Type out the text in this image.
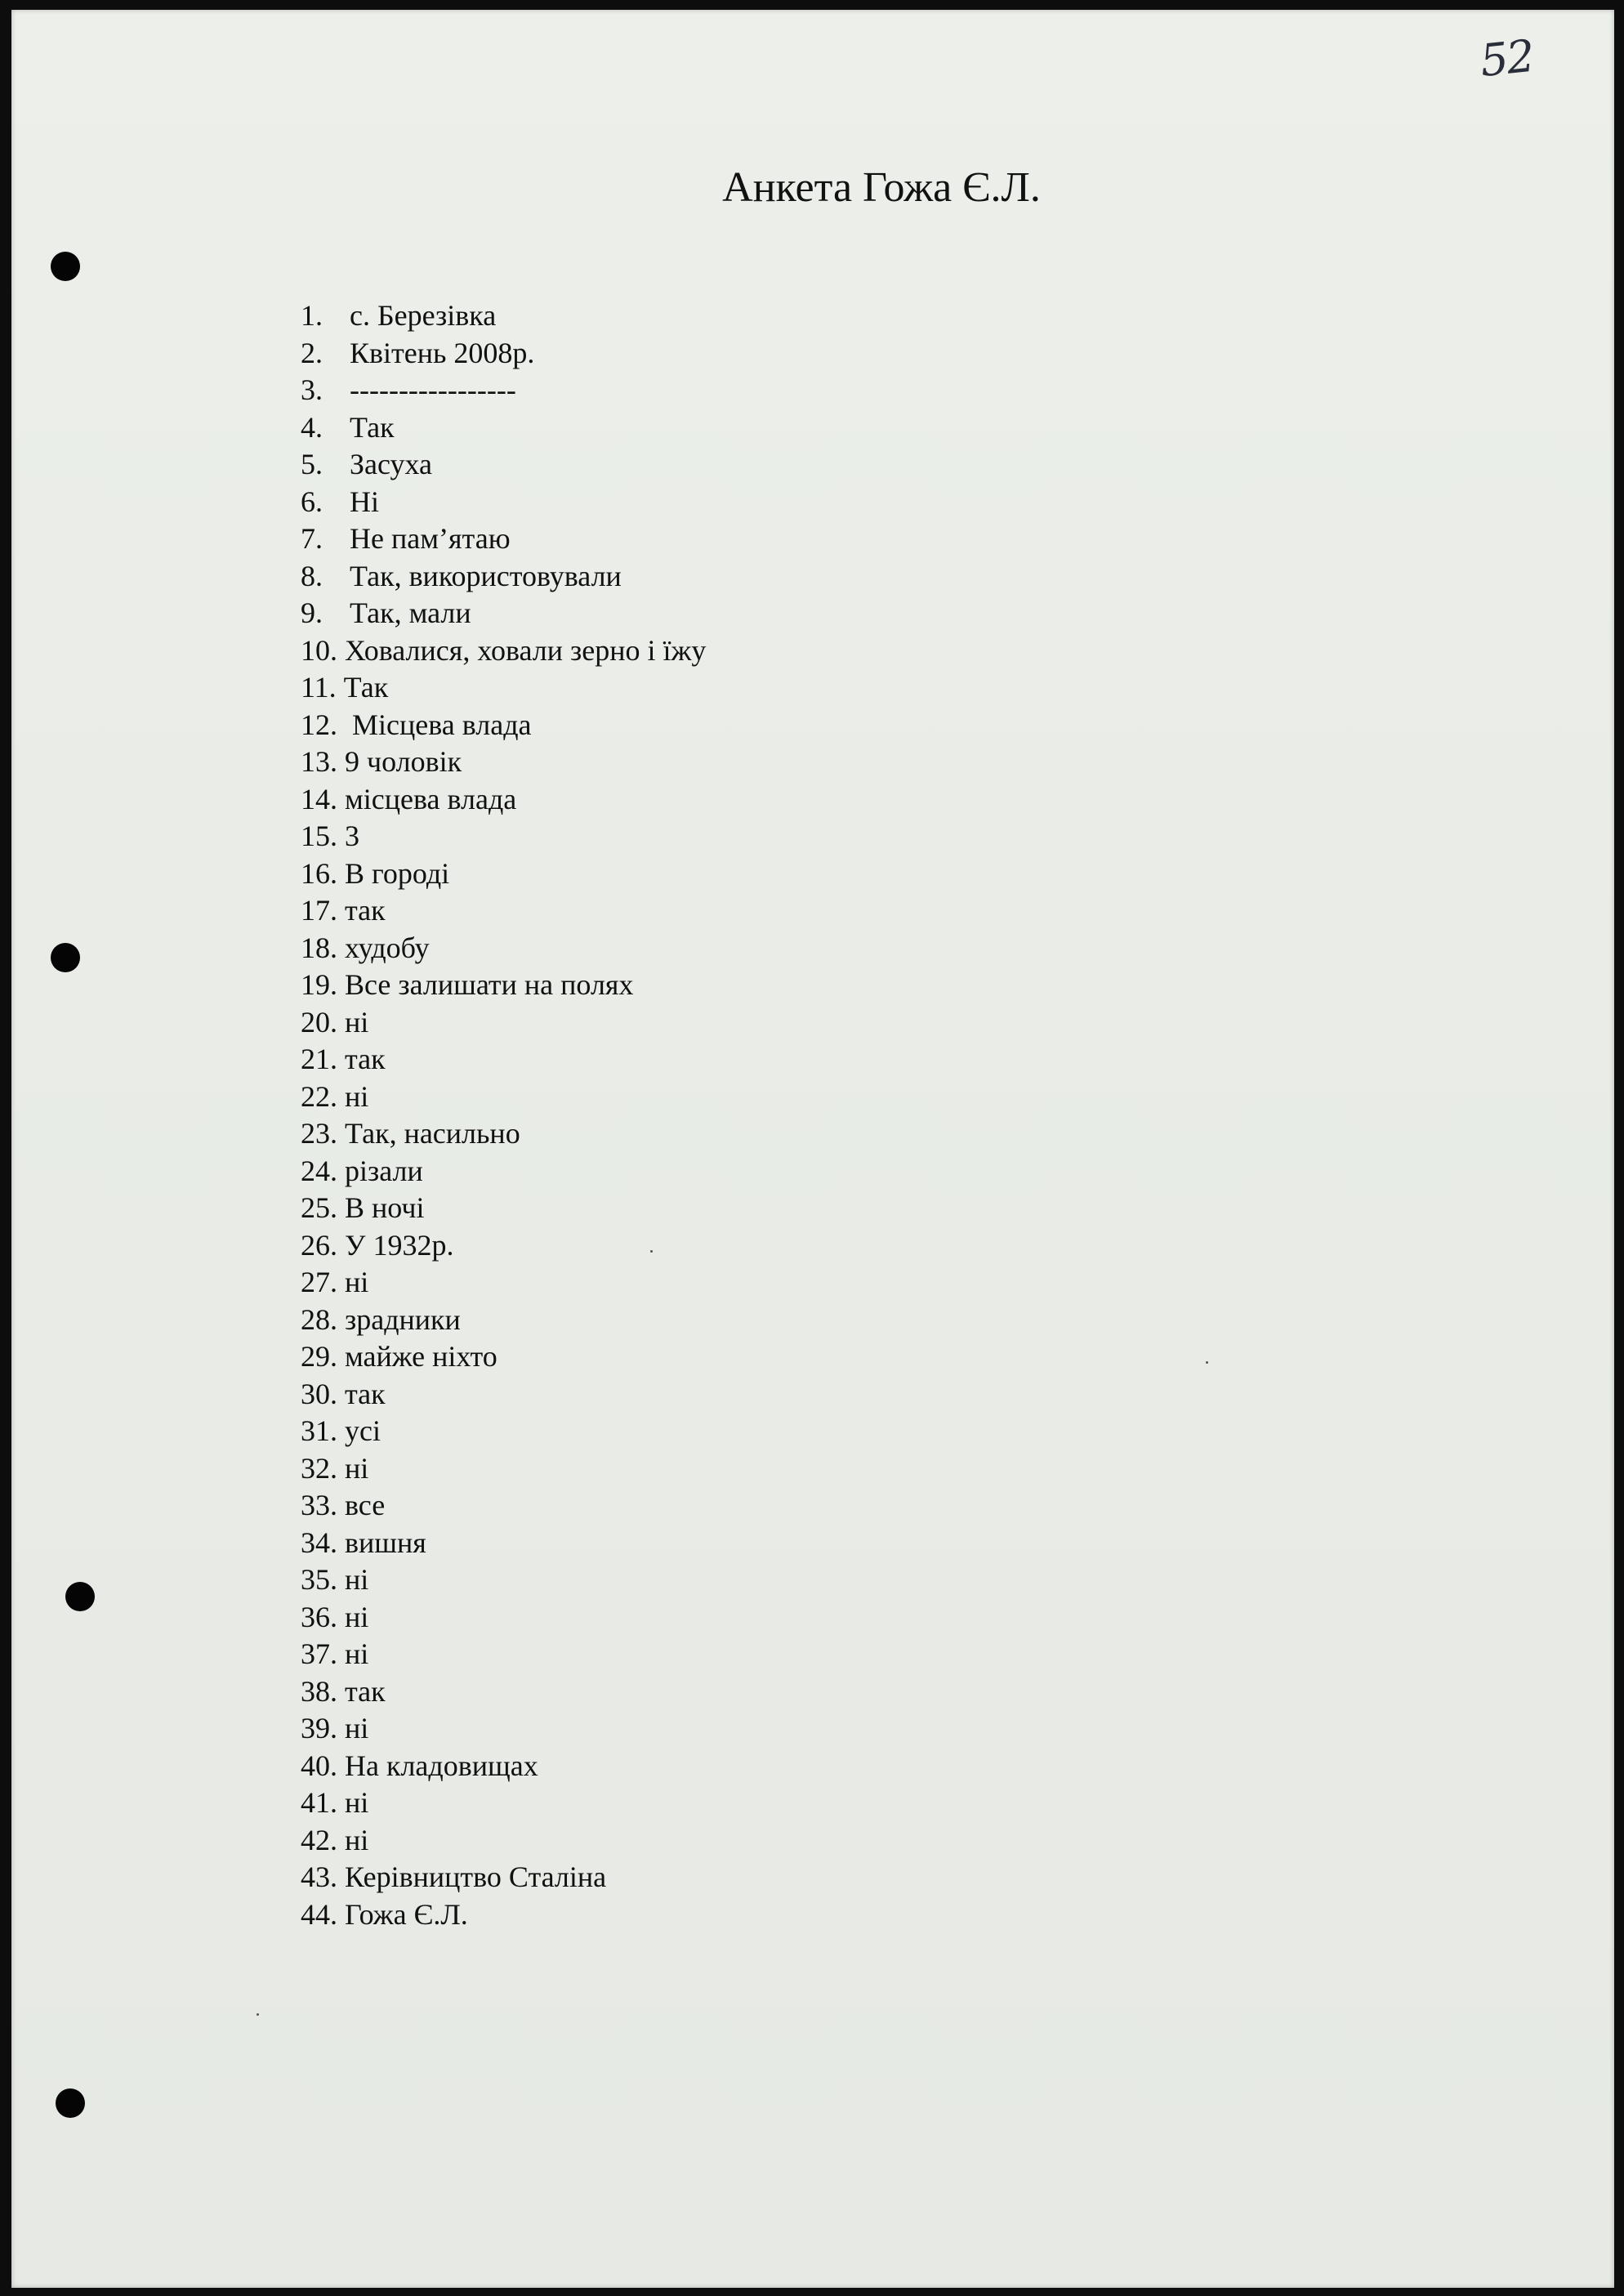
52
Анкета Гожа Є.Л.
1. с. Березівка
2. Квітень 2008р.
3. -----------------
4. Так
5. Засуха
6. Ні
7. Не пам’ятаю
8. Так, використовували
9. Так, мали
10. Ховалися, ховали зерно і їжу
11. Так
12. Місцева влада
13. 9 чоловік
14. місцева влада
15. 3
16. В городі
17. так
18. худобу
19. Все залишати на полях
20. ні
21. так
22. ні
23. Так, насильно
24. різали
25. В ночі
26. У 1932р.
27. ні
28. зрадники
29. майже ніхто
30. так
31. усі
32. ні
33. все
34. вишня
35. ні
36. ні
37. ні
38. так
39. ні
40. На кладовищах
41. ні
42. ні
43. Керівництво Сталіна
44. Гожа Є.Л.
